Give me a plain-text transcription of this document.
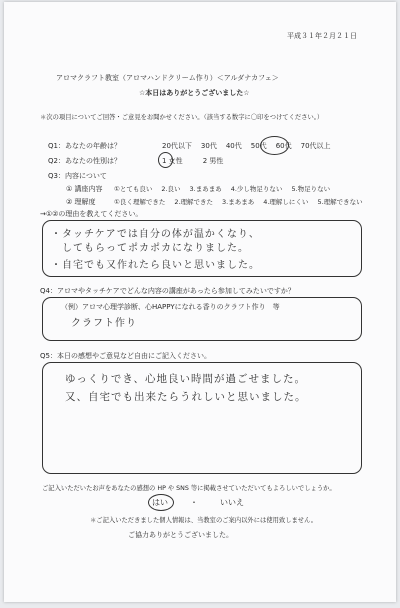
平成３１年２月２１日
アロマクラフト教室（アロマハンドクリーム作り）＜アルダナカフェ＞
☆本日はありがとうございました☆
＊次の項目についてご回答・ご意見をお聞かせください。（該当する数字に〇印をつけてください。）
Q1：あなたの年齢は？	20代以下 30代 40代 50代 60代 70代以上
Q2：あなたの性別は？	1 女性	2 男性
Q3：内容について
① 講座内容 ①とても良い 2.良い 3.まあまあ 4.少し物足りない 5.物足りない
② 理解度	①良く理解できた 2.理解できた 3.まあまあ 4.理解しにくい 5.理解できない
→①②の理由を教えてください。
・タッチケアでは自分の体が温かくなり、
　してもらってポカポカになりました。
・自宅でも又作れたら良いと思いました。
Q4：アロマやタッチケアでどんな内容の講座があったら参加してみたいですか？
（例）アロマ心理学診断、心HAPPYになれる香りのクラフト作り　等
クラフト作り
Q5：本日の感想やご意見など自由にご記入ください。
ゆっくりでき、心地良い時間が過ごせました。
又、自宅でも出来たらうれしいと思いました。
ご記入いただいたお声をあなたの感想の HP や SNS 等に掲載させていただいてもよろしいでしょうか。
はい	・	いいえ
＊ご記入いただきました個人情報は、当教室のご案内以外には使用致しません。
ご協力ありがとうございました。
